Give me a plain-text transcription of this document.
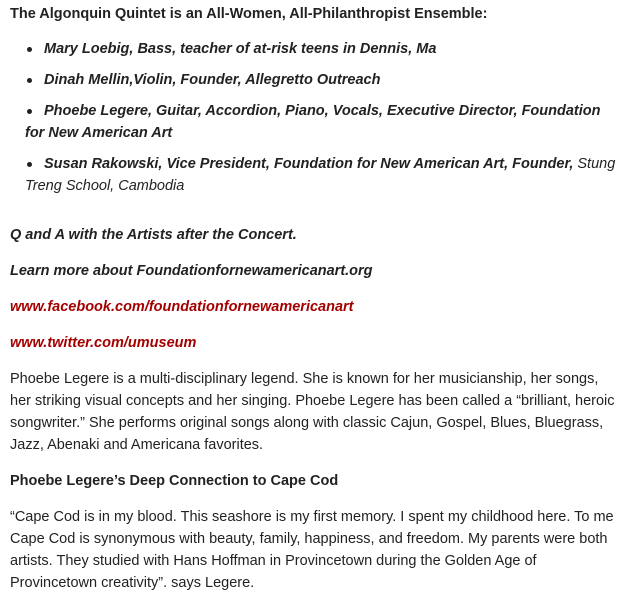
The Algonquin Quintet is an All-Women, All-Philanthropist Ensemble:
Mary Loebig, Bass, teacher of at-risk teens in Dennis, Ma
Dinah Mellin,Violin, Founder, Allegretto Outreach
Phoebe Legere, Guitar, Accordion, Piano, Vocals, Executive Director, Foundation for New American Art
Susan Rakowski, Vice President, Foundation for New American Art, Founder, Stung Treng School, Cambodia
Q and A with the Artists after the Concert.
Learn more about Foundationfornewamericanart.org
www.facebook.com/foundationfornewamericanart
www.twitter.com/umuseum

Phoebe Legere is a multi-disciplinary legend. She is known for her musicianship, her songs, her striking visual concepts and her singing. Phoebe Legere has been called a “brilliant, heroic songwriter.” She performs original songs along with classic Cajun, Gospel, Blues, Bluegrass, Jazz, Abenaki and Americana favorites.

Phoebe Legere’s Deep Connection to Cape Cod

“Cape Cod is in my blood. This seashore is my first memory. I spent my childhood here. To me Cape Cod is synonymous with beauty, family, happiness, and freedom. My parents were both artists. They studied with Hans Hoffman in Provincetown during the Golden Age of Provincetown creativity”. says Legere.
